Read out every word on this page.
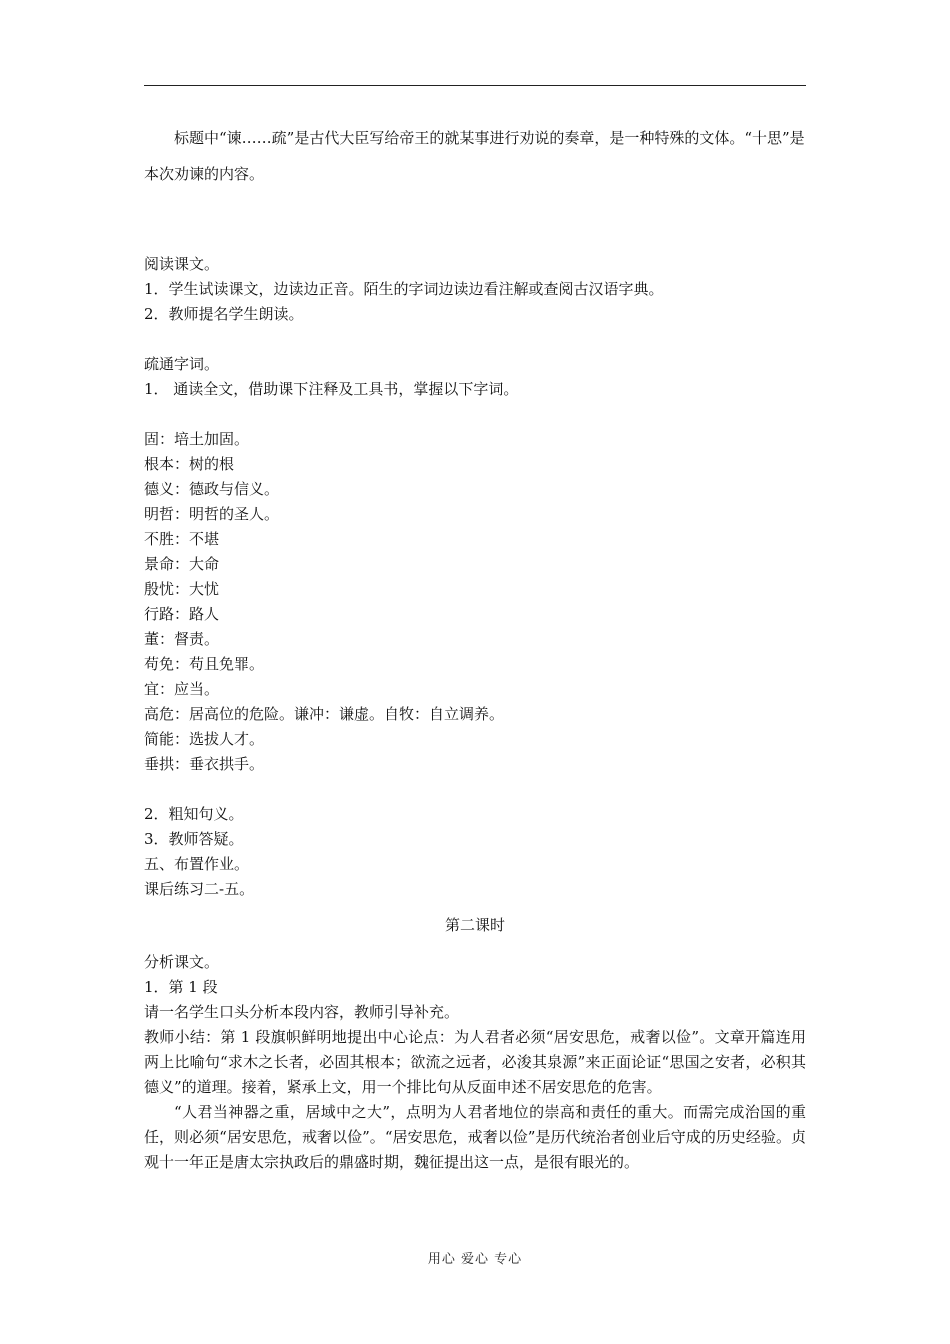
标题中“谏……疏”是古代大臣写给帝王的就某事进行劝说的奏章，是一种特殊的文体。“十思”是本次劝谏的内容。

阅读课文。

1．学生试读课文，边读边正音。陌生的字词边读边看注解或查阅古汉语字典。

2．教师提名学生朗读。

疏通字词。

1． 通读全文，借助课下注释及工具书，掌握以下字词。

固：培土加固。

根本：树的根

德义：德政与信义。

明哲：明哲的圣人。

不胜：不堪

景命：大命

殷忧：大忧

行路：路人

董：督责。

苟免：苟且免罪。

宜：应当。

高危：居高位的危险。谦冲：谦虚。自牧：自立调养。

简能：选拔人才。

垂拱：垂衣拱手。

2．粗知句义。

3．教师答疑。

五、布置作业。

课后练习二-五。

第二课时

分析课文。

1．第 1 段

请一名学生口头分析本段内容，教师引导补充。

教师小结：第 1 段旗帜鲜明地提出中心论点：为人君者必须“居安思危，戒奢以俭”。文章开篇连用两上比喻句“求木之长者，必固其根本；欲流之远者，必浚其泉源”来正面论证“思国之安者，必积其德义”的道理。接着，紧承上文，用一个排比句从反面申述不居安思危的危害。

“人君当神器之重，居域中之大”，点明为人君者地位的崇高和责任的重大。而需完成治国的重任，则必须“居安思危，戒奢以俭”。“居安思危，戒奢以俭”是历代统治者创业后守成的历史经验。贞观十一年正是唐太宗执政后的鼎盛时期，魏征提出这一点，是很有眼光的。

用心 爱心 专心
